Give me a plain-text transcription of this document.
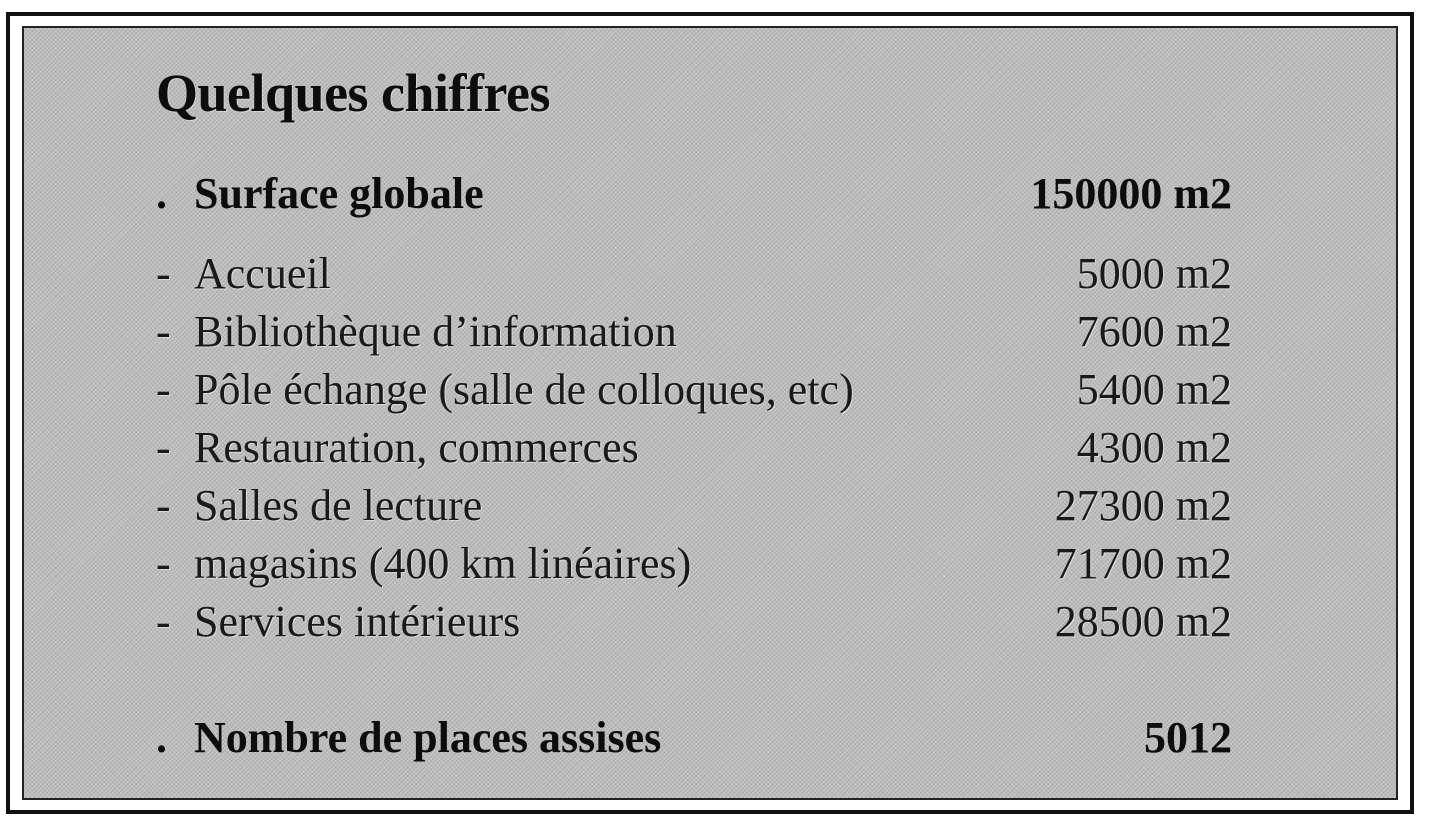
Quelques chiffres
. Surface globale	150000 m2
- Accueil	5000 m2
- Bibliothèque d’information	7600 m2
- Pôle échange (salle de colloques, etc)	5400 m2
- Restauration, commerces	4300 m2
- Salles de lecture	27300 m2
- magasins (400 km linéaires)	71700 m2
- Services intérieurs	28500 m2
. Nombre de places assises	5012
